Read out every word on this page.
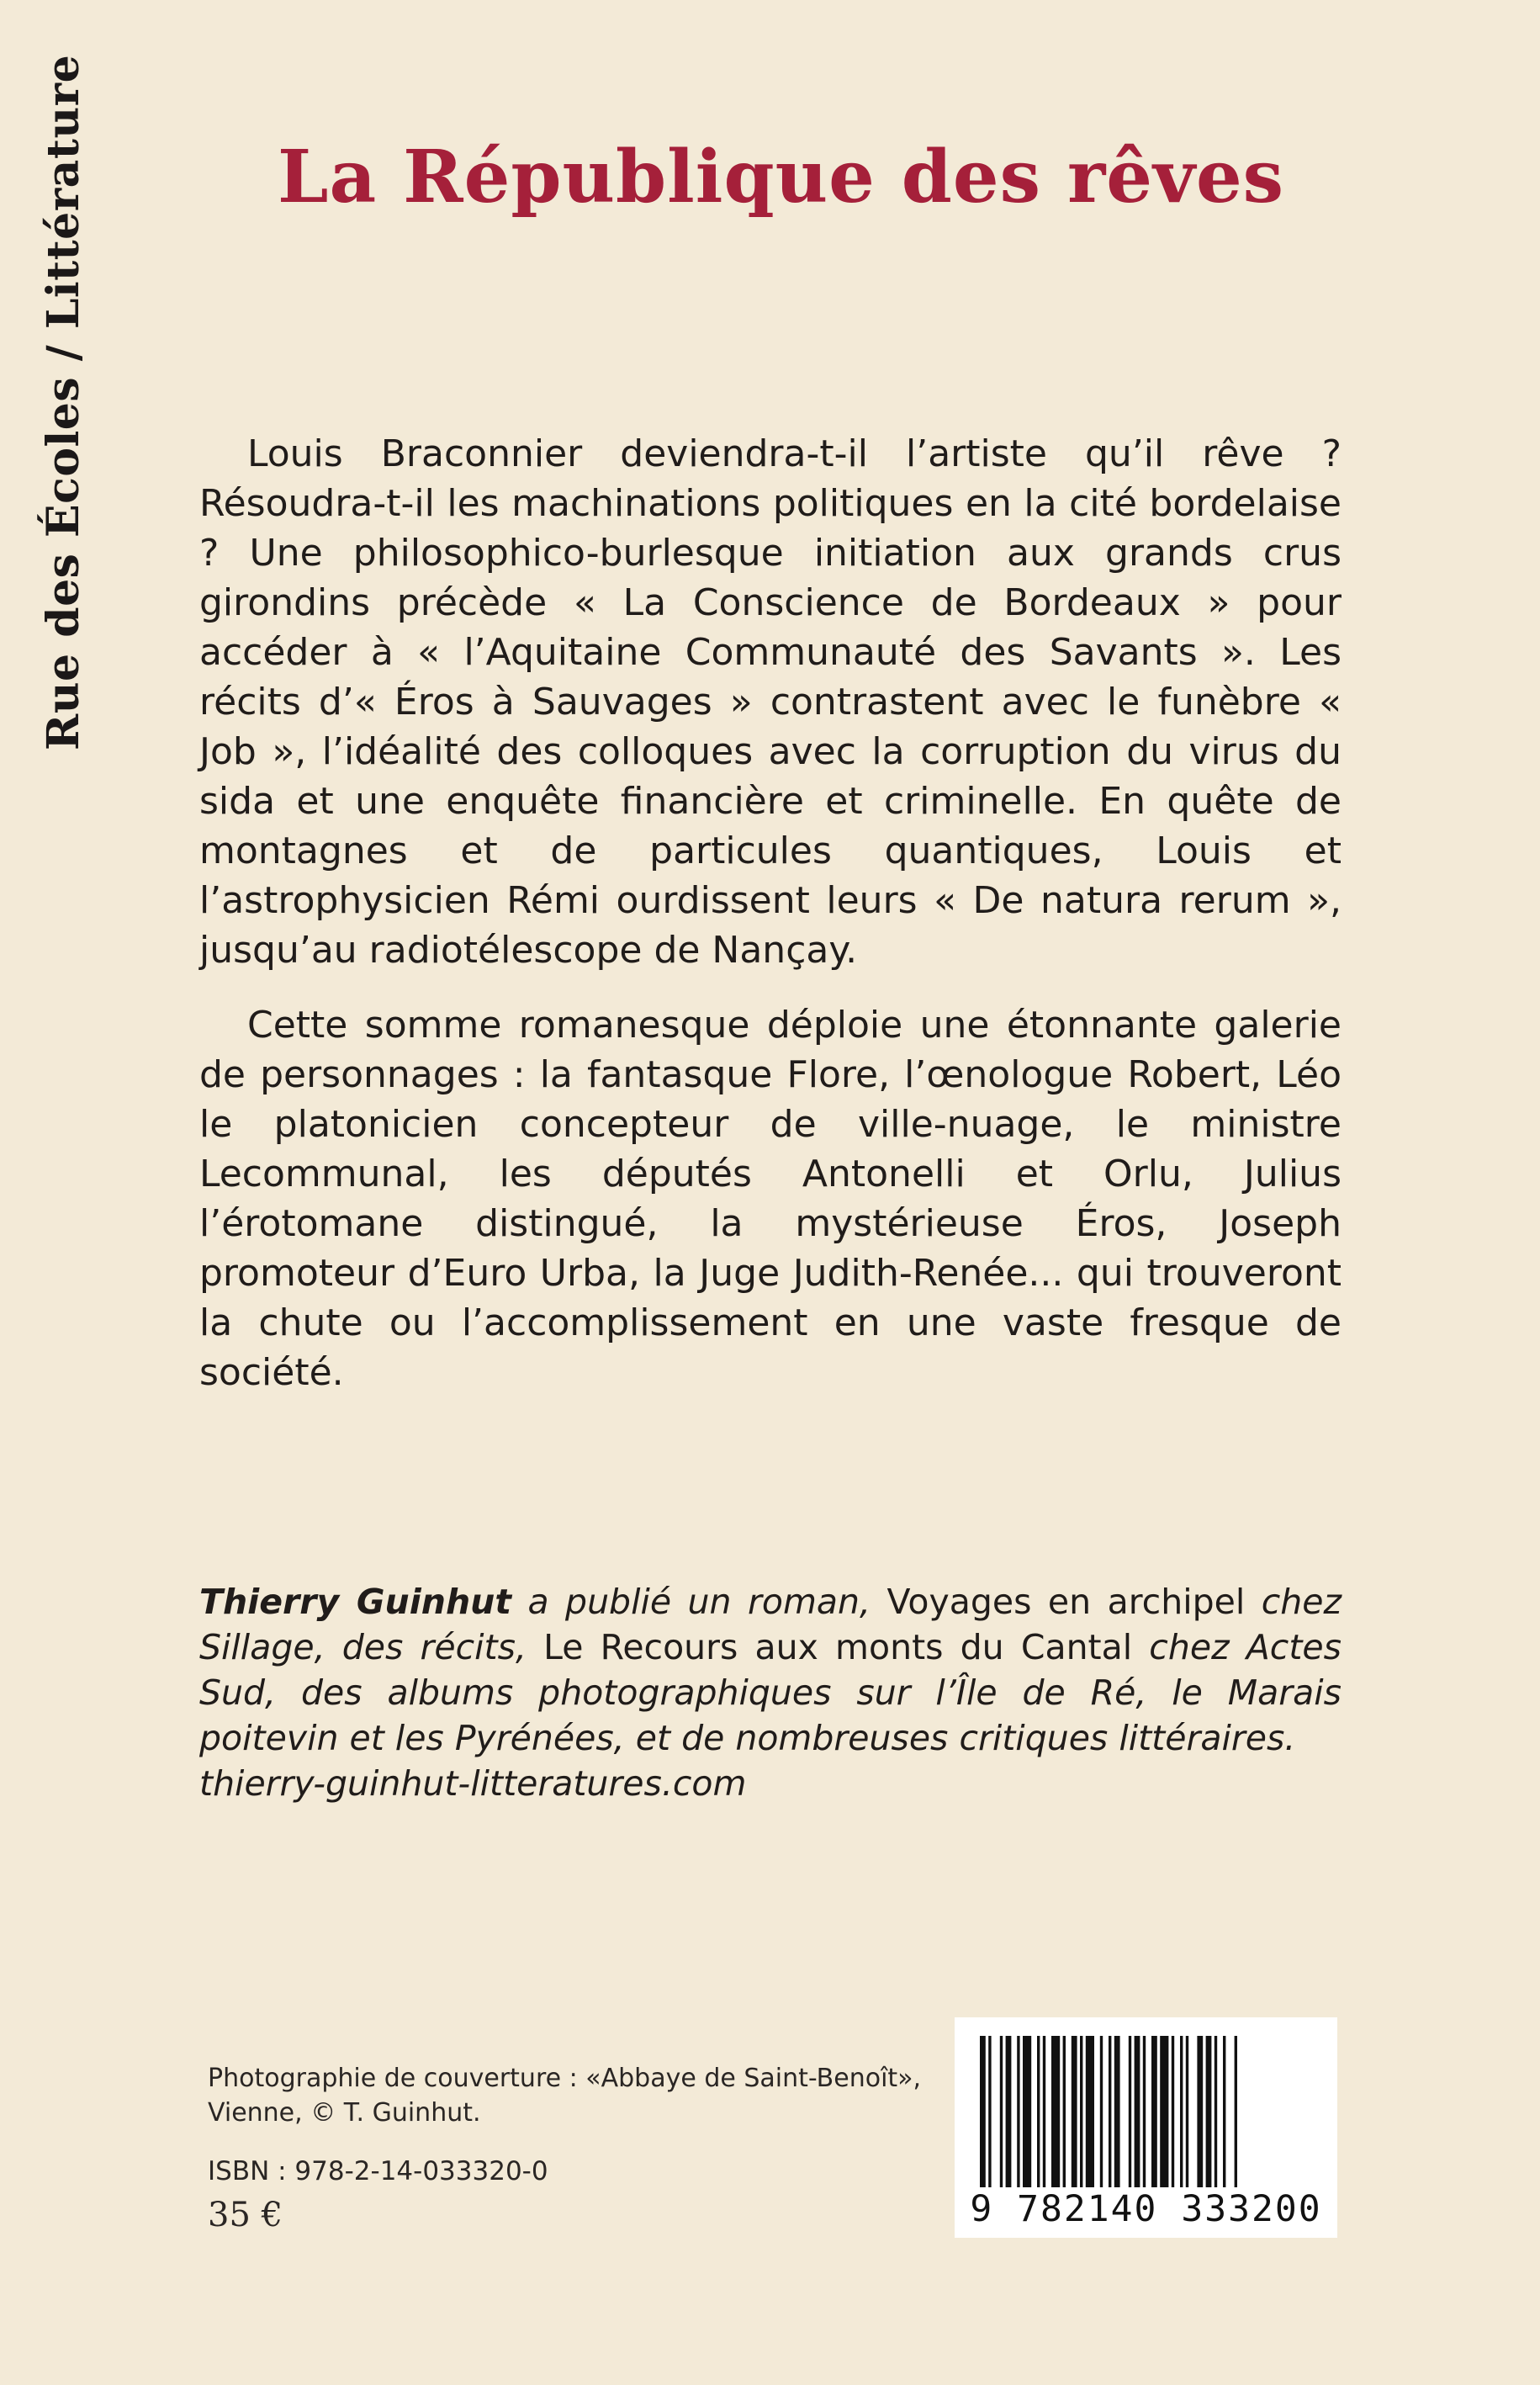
Rue des Écoles / Littérature	La République des rêves

Louis Braconnier deviendra-t-il l’artiste qu’il rêve ? Résoudra-t-il les machinations politiques en la cité bordelaise ? Une philosophico-burlesque initiation aux grands crus girondins précède « La Conscience de Bordeaux » pour accéder à « l’Aquitaine Communauté des Savants ». Les récits d’« Éros à Sauvages » contrastent avec le funèbre « Job », l’idéalité des colloques avec la corruption du virus du sida et une enquête financière et criminelle. En quête de montagnes et de particules quantiques, Louis et l’astrophysicien Rémi ourdissent leurs « De natura rerum », jusqu’au radiotélescope de Nançay.

Cette somme romanesque déploie une étonnante galerie de personnages : la fantasque Flore, l’œnologue Robert, Léo le platonicien concepteur de ville-nuage, le ministre Lecommunal, les députés Antonelli et Orlu, Julius l’érotomane distingué, la mystérieuse Éros, Joseph promoteur d’Euro Urba, la Juge Judith-Renée... qui trouveront la chute ou l’accomplissement en une vaste fresque de société.

Thierry Guinhut a publié un roman, Voyages en archipel chez Sillage, des récits, Le Recours aux monts du Cantal chez Actes Sud, des albums photographiques sur l’Île de Ré, le Marais poitevin et les Pyrénées, et de nombreuses critiques littéraires.
thierry-guinhut-litteratures.com
Photographie de couverture : «Abbaye de Saint-Benoît»,
Vienne, © T. Guinhut.
ISBN : 978-2-14-033320-0
35 €	9 782140 333200
